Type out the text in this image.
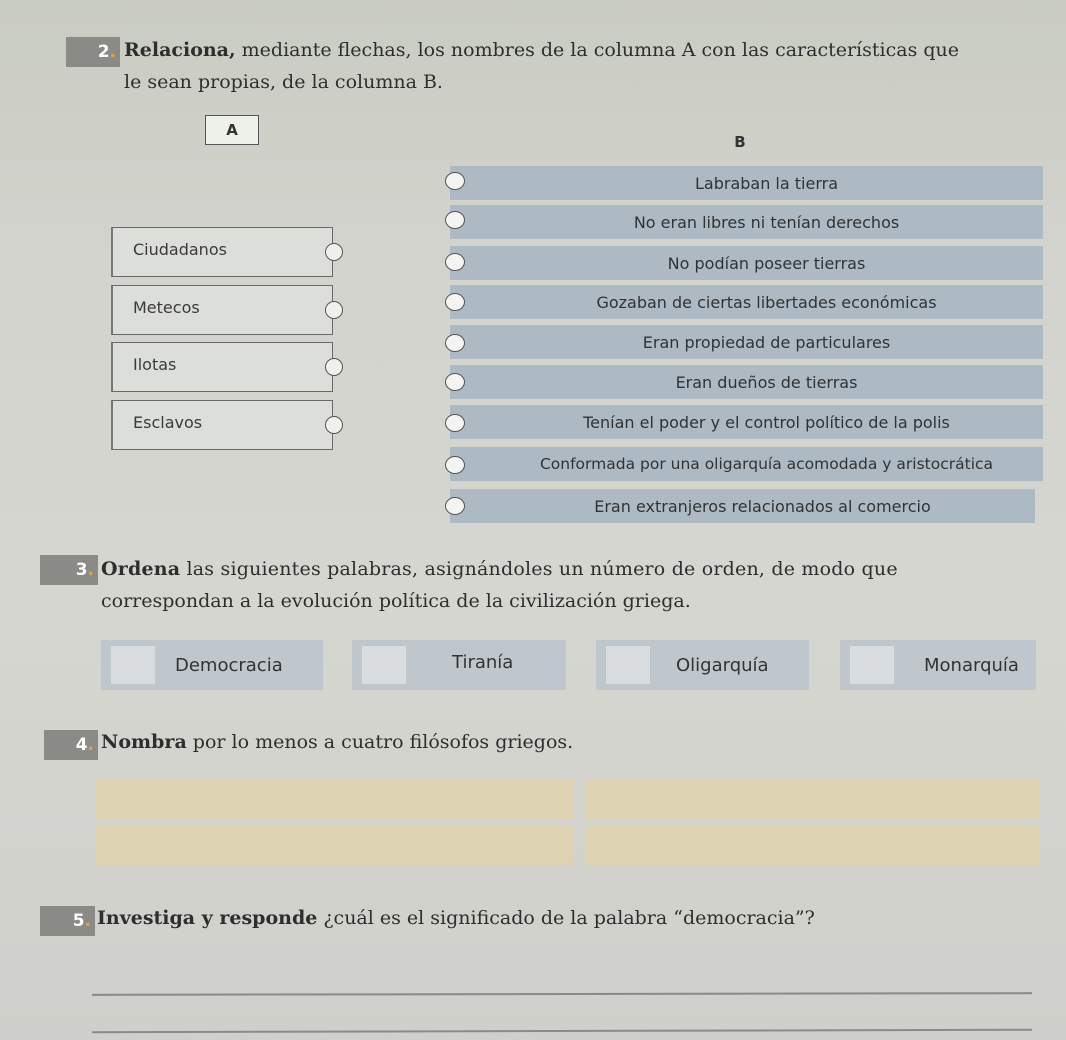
2 . Relaciona, mediante flechas, los nombres de la columna A con las características que
le sean propias, de la columna B.
A
B
Ciudadanos
Metecos
Ilotas
Esclavos
Labraban la tierra
No eran libres ni tenían derechos
No podían poseer tierras
Gozaban de ciertas libertades económicas
Eran propiedad de particulares
Eran dueños de tierras
Tenían el poder y el control político de la polis
Conformada por una oligarquía acomodada y aristocrática
Eran extranjeros relacionados al comercio
3 . Ordena las siguientes palabras, asignándoles un número de orden, de modo que
correspondan a la evolución política de la civilización griega.
Democracia	Tiranía	Oligarquía	Monarquía
4 . Nombra por lo menos a cuatro filósofos griegos.
5 . Investiga y responde ¿cuál es el significado de la palabra “democracia”?
